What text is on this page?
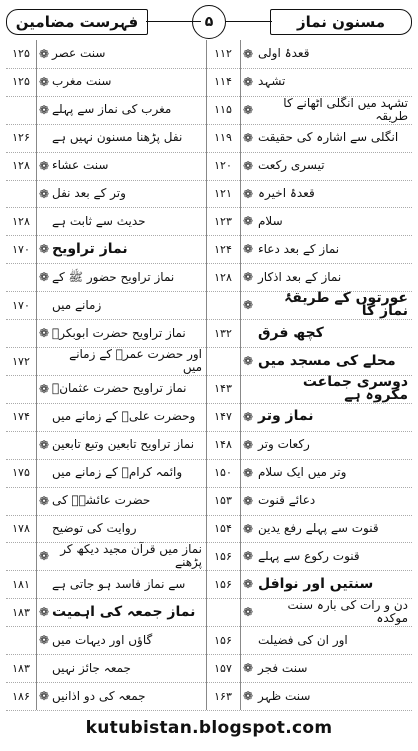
مسنون نماز
۵
فہرست مضامین
قعدۂ اولی
❁
۱۱۲
سنت عصر
❁
۱۲۵
تشہد
❁
۱۱۴
سنت مغرب
❁
۱۲۵
تشہد میں انگلی اٹھانے کا طریقہ
❁
۱۱۵
مغرب کی نماز سے پہلے
❁
انگلی سے اشارہ کی حقیقت
❁
۱۱۹
نفل پڑھنا مسنون نہیں ہے
۱۲۶
تیسری رکعت
❁
۱۲۰
سنت عشاء
❁
۱۲۸
قعدۂ اخیرہ
❁
۱۲۱
وتر کے بعد نفل
❁
سلام
❁
۱۲۳
حدیث سے ثابت ہے
۱۲۸
نماز کے بعد دعاء
❁
۱۲۴
نماز تراویح
❁
۱۷۰
نماز کے بعد اذکار
❁
۱۲۸
نماز تراویح حضور ﷺ کے
❁
عورتوں کے طریقۂ نماز کا
❁
زمانے میں
۱۷۰
کچھ فرق
۱۳۲
نماز تراویح حضرت ابوبکرؓ
❁
محلے کی مسجد میں
❁
اور حضرت عمرؓ کے زمانے میں
۱۷۲
دوسری جماعت مکروہ ہے
۱۴۳
نماز تراویح حضرت عثمانؓ
❁
نماز وتر
❁
۱۴۷
وحضرت علیؓ کے زمانے میں
۱۷۴
رکعات وتر
❁
۱۴۸
نماز تراویح تابعین وتبع تابعین
❁
وتر میں ایک سلام
❁
۱۵۰
وائمہ کرامؒ کے زمانے میں
۱۷۵
دعائے قنوت
❁
۱۵۳
حضرت عائشہؓ کی
❁
قنوت سے پہلے رفع یدین
❁
۱۵۴
روایت کی توضیح
۱۷۸
قنوت رکوع سے پہلے
❁
۱۵۶
نماز میں قرآن مجید دیکھ کر پڑھنے
❁
سنتیں اور نوافل
❁
۱۵۶
سے نماز فاسد ہو جاتی ہے
۱۸۱
دن و رات کی بارہ سنت موکدہ
❁
نماز جمعہ کی اہمیت
❁
۱۸۳
اور ان کی فضیلت
۱۵۶
گاؤں اور دیہات میں
❁
سنت فجر
❁
۱۵۷
جمعہ جائز نہیں
۱۸۳
سنت ظہر
❁
۱۶۳
جمعہ کی دو اذانیں
❁
۱۸۶
kutubistan.blogspot.com
